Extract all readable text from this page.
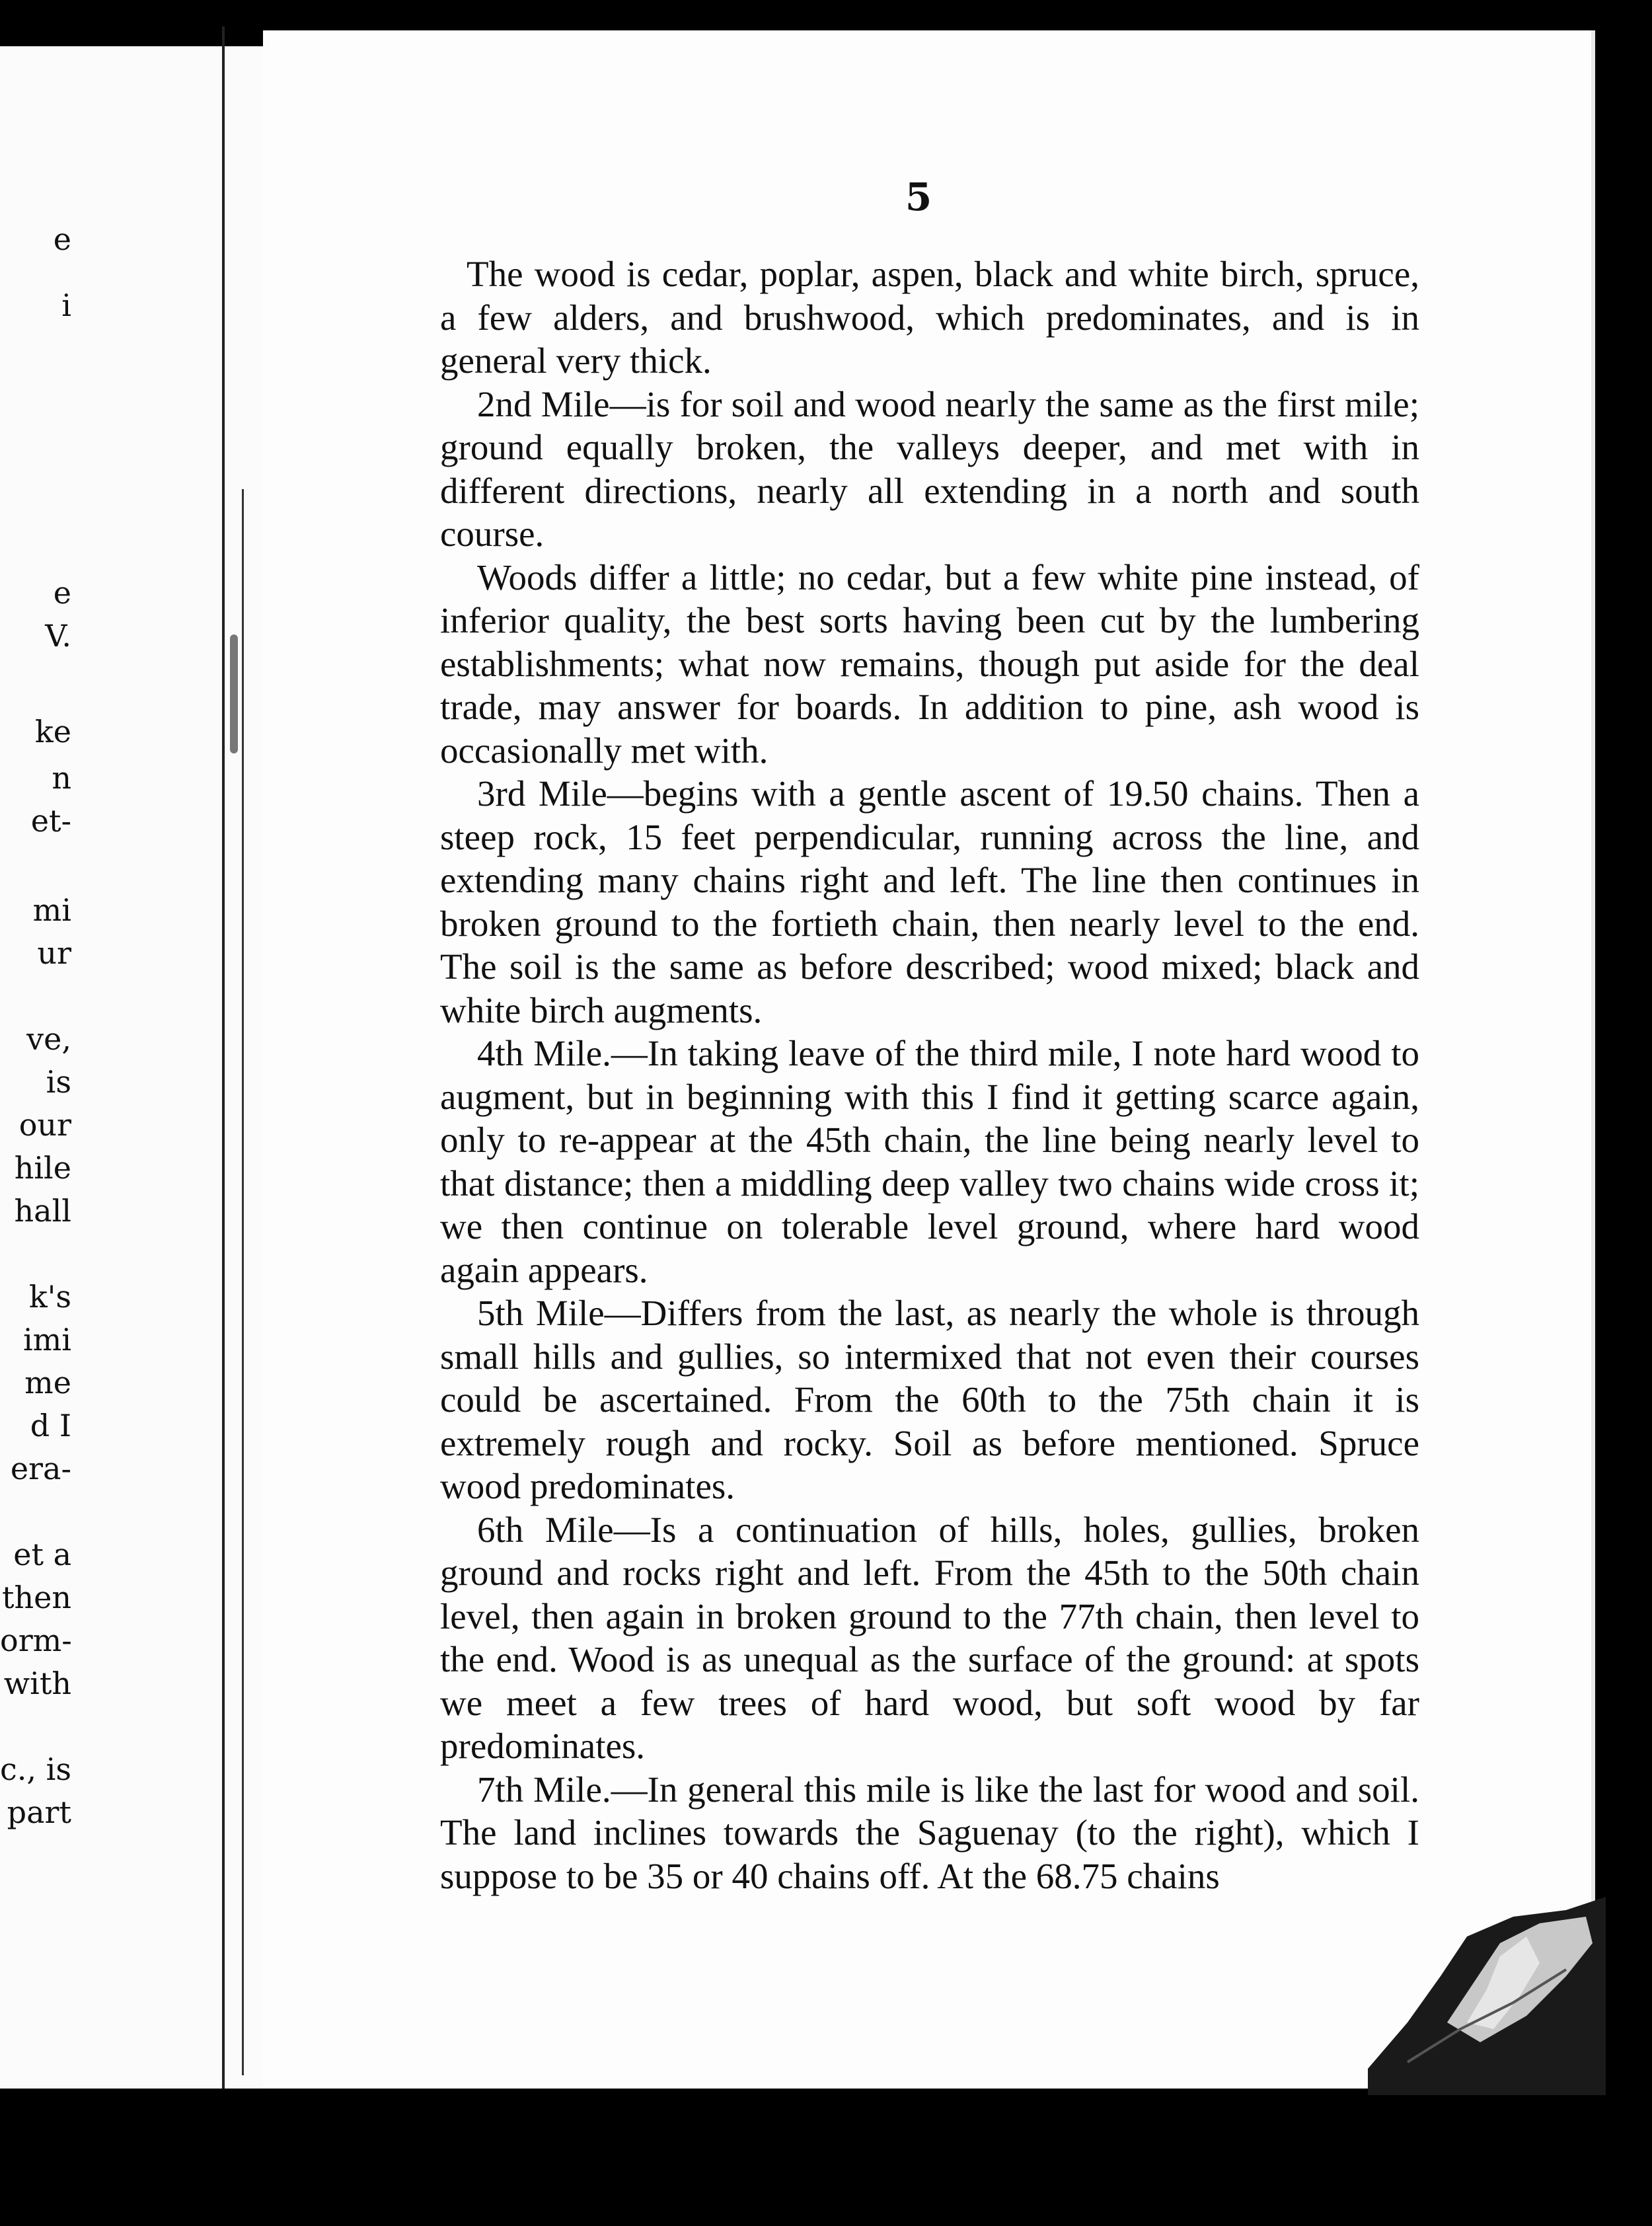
e
i
e
V.
ke
n
et-
mi
ur
ve,
is
our
hile
hall
k's
imi
me
d I
era-
et a
then
orm-
with
c., is
part
5

The wood is cedar, poplar, aspen, black and white birch, spruce, a few alders, and brushwood, which predominates, and is in general very thick.

2nd Mile—is for soil and wood nearly the same as the first mile; ground equally broken, the valleys deeper, and met with in different directions, nearly all extending in a north and south course.

Woods differ a little; no cedar, but a few white pine instead, of inferior quality, the best sorts having been cut by the lumbering establishments; what now remains, though put aside for the deal trade, may answer for boards. In addition to pine, ash wood is occasionally met with.

3rd Mile—begins with a gentle ascent of 19.50 chains. Then a steep rock, 15 feet perpendicular, running across the line, and extending many chains right and left. The line then continues in broken ground to the fortieth chain, then nearly level to the end. The soil is the same as before described; wood mixed; black and white birch augments.

4th Mile.—In taking leave of the third mile, I note hard wood to augment, but in beginning with this I find it getting scarce again, only to re-appear at the 45th chain, the line being nearly level to that distance; then a middling deep valley two chains wide cross it; we then continue on tolerable level ground, where hard wood again appears.

5th Mile—Differs from the last, as nearly the whole is through small hills and gullies, so intermixed that not even their courses could be ascertained. From the 60th to the 75th chain it is extremely rough and rocky. Soil as before mentioned. Spruce wood predominates.

6th Mile—Is a continuation of hills, holes, gullies, broken ground and rocks right and left. From the 45th to the 50th chain level, then again in broken ground to the 77th chain, then level to the end. Wood is as unequal as the surface of the ground: at spots we meet a few trees of hard wood, but soft wood by far predominates.

7th Mile.—In general this mile is like the last for wood and soil. The land inclines towards the Saguenay (to the right), which I suppose to be 35 or 40 chains off. At the 68.75 chains
